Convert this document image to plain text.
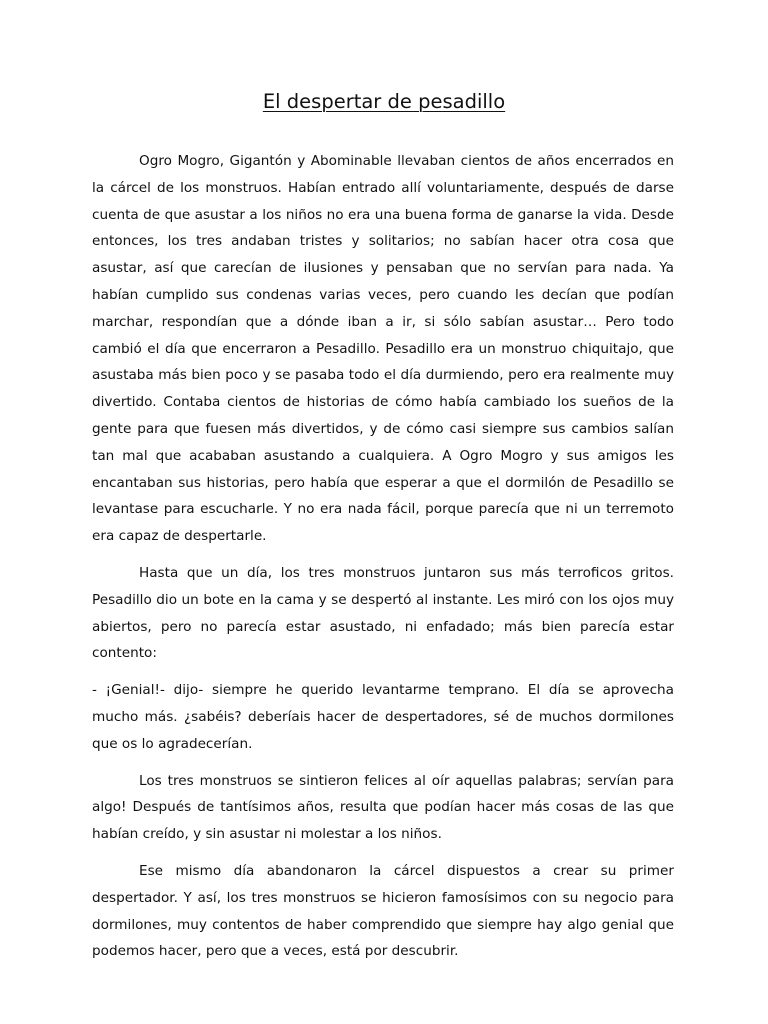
El despertar de pesadillo

Ogro Mogro, Gigantón y Abominable llevaban cientos de años encerrados en la cárcel de los monstruos. Habían entrado allí voluntariamente, después de darse cuenta de que asustar a los niños no era una buena forma de ganarse la vida. Desde entonces, los tres andaban tristes y solitarios; no sabían hacer otra cosa que asustar, así que carecían de ilusiones y pensaban que no servían para nada. Ya habían cumplido sus condenas varias veces, pero cuando les decían que podían marchar, respondían que a dónde iban a ir, si sólo sabían asustar… Pero todo cambió el día que encerraron a Pesadillo. Pesadillo era un monstruo chiquitajo, que asustaba más bien poco y se pasaba todo el día durmiendo, pero era realmente muy divertido. Contaba cientos de historias de cómo había cambiado los sueños de la gente para que fuesen más divertidos, y de cómo casi siempre sus cambios salían tan mal que acababan asustando a cualquiera. A Ogro Mogro y sus amigos les encantaban sus historias, pero había que esperar a que el dormilón de Pesadillo se levantase para escucharle. Y no era nada fácil, porque parecía que ni un terremoto era capaz de despertarle.

Hasta que un día, los tres monstruos juntaron sus más terroficos gritos. Pesadillo dio un bote en la cama y se despertó al instante. Les miró con los ojos muy abiertos, pero no parecía estar asustado, ni enfadado; más bien parecía estar contento:

- ¡Genial!- dijo- siempre he querido levantarme temprano. El día se aprovecha mucho más. ¿sabéis? deberíais hacer de despertadores, sé de muchos dormilones que os lo agradecerían.

Los tres monstruos se sintieron felices al oír aquellas palabras; servían para algo! Después de tantísimos años, resulta que podían hacer más cosas de las que habían creído, y sin asustar ni molestar a los niños.

Ese mismo día abandonaron la cárcel dispuestos a crear su primer despertador. Y así, los tres monstruos se hicieron famosísimos con su negocio para dormilones, muy contentos de haber comprendido que siempre hay algo genial que podemos hacer, pero que a veces, está por descubrir.
